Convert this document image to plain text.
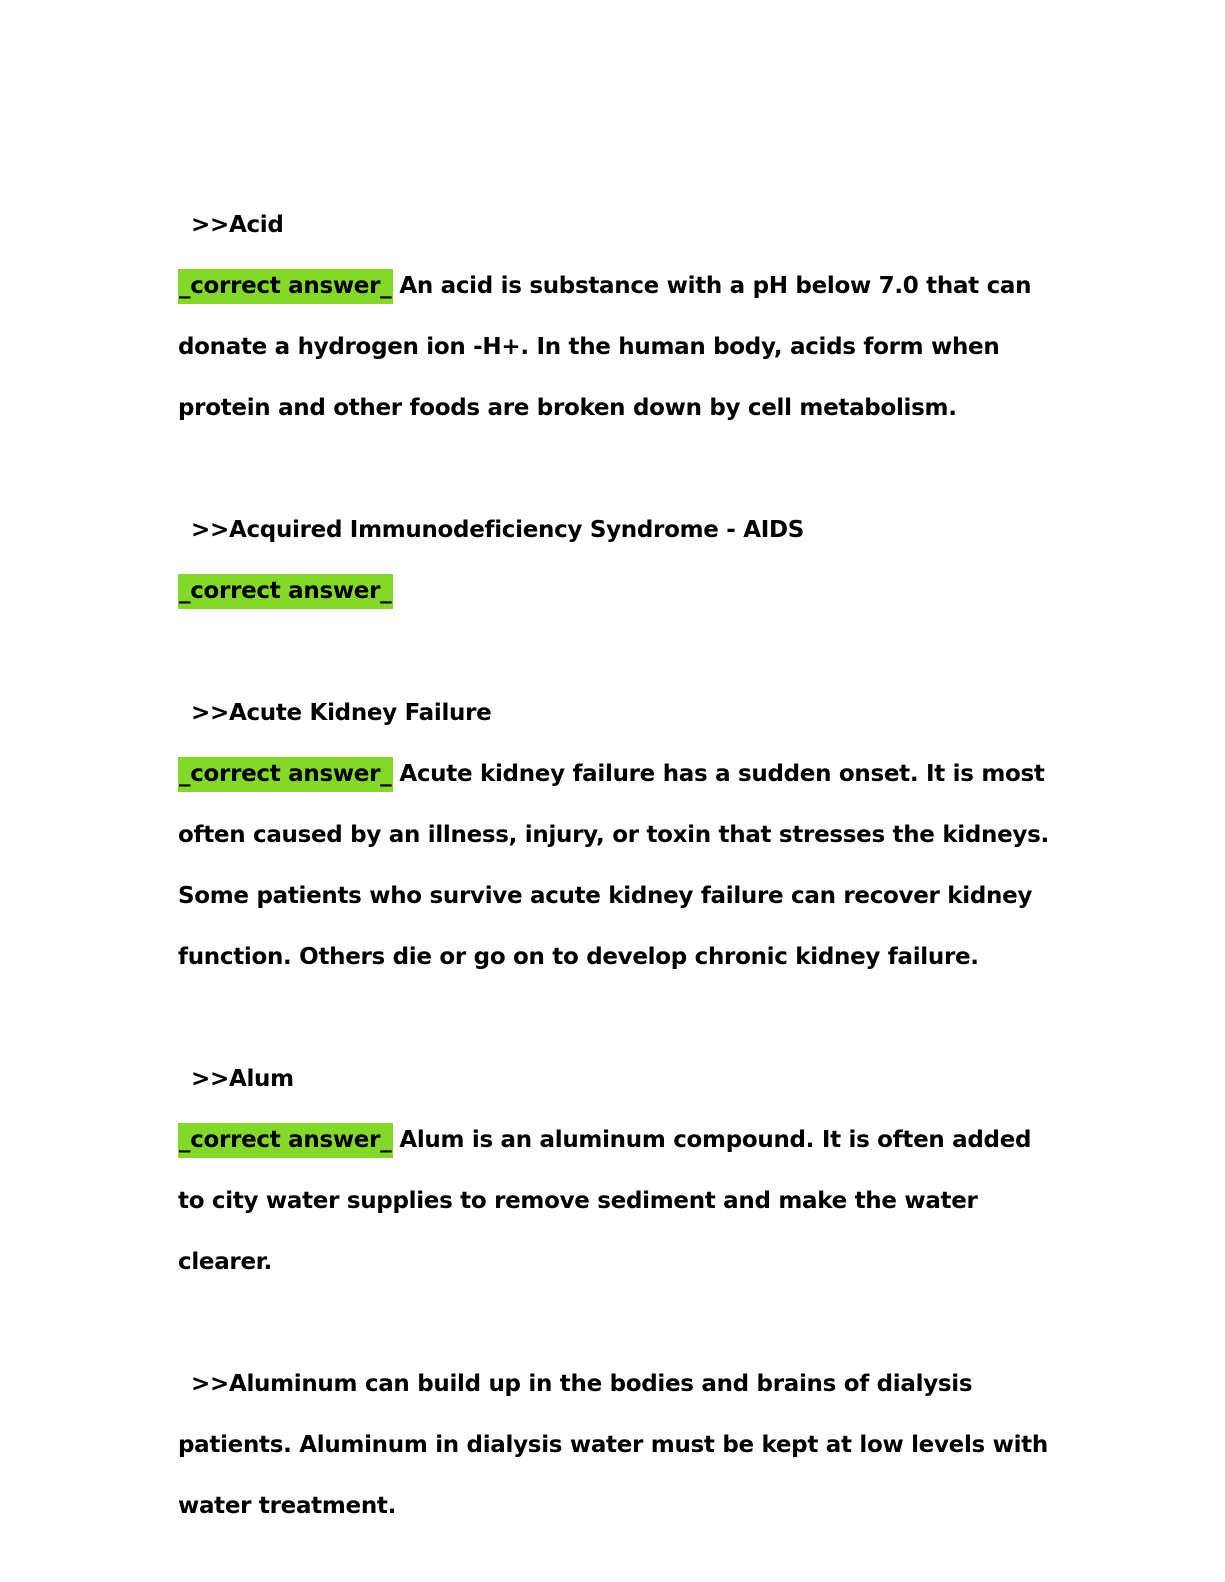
>>Acid
_correct answer_ An acid is substance with a pH below 7.0 that can donate a hydrogen ion -H+. In the human body, acids form when protein and other foods are broken down by cell metabolism.
>>Acquired Immunodeficiency Syndrome - AIDS
_correct answer_
>>Acute Kidney Failure
_correct answer_ Acute kidney failure has a sudden onset. It is most often caused by an illness, injury, or toxin that stresses the kidneys. Some patients who survive acute kidney failure can recover kidney function. Others die or go on to develop chronic kidney failure.
>>Alum
_correct answer_ Alum is an aluminum compound. It is often added to city water supplies to remove sediment and make the water clearer.
>>Aluminum can build up in the bodies and brains of dialysis patients. Aluminum in dialysis water must be kept at low levels with water treatment.
